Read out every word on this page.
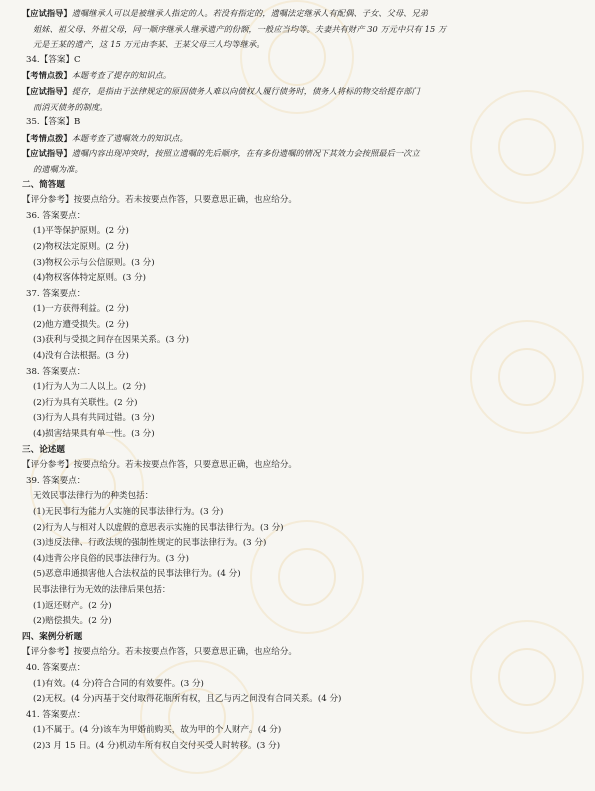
【应试指导】遗嘱继承人可以是被继承人指定的人。若没有指定的，遗嘱法定继承人有配偶、子女、父母、兄弟
姐妹、祖父母、外祖父母，同一顺序继承人继承遗产的份额，一般应当均等。夫妻共有财产 30 万元中只有 15 万
元是王某的遗产，这 15 万元由李某、王某父母三人均等继承。
34.【答案】C
【考情点拨】本题考查了提存的知识点。
【应试指导】提存，是指由于法律规定的原因债务人难以向债权人履行债务时，债务人将标的物交给提存部门
而消灭债务的制度。
35.【答案】B
【考情点拨】本题考查了遗嘱效力的知识点。
【应试指导】遗嘱内容出现冲突时，按照立遗嘱的先后顺序，在有多份遗嘱的情况下其效力会按照最后一次立
的遗嘱为准。
二、简答题
【评分参考】按要点给分。若未按要点作答，只要意思正确，也应给分。
36. 答案要点：
(1)平等保护原则。(2 分)
(2)物权法定原则。(2 分)
(3)物权公示与公信原则。(3 分)
(4)物权客体特定原则。(3 分)
37. 答案要点：
(1)一方获得利益。(2 分)
(2)他方遭受损失。(2 分)
(3)获利与受损之间存在因果关系。(3 分)
(4)没有合法根据。(3 分)
38. 答案要点：
(1)行为人为二人以上。(2 分)
(2)行为具有关联性。(2 分)
(3)行为人具有共同过错。(3 分)
(4)损害结果具有单一性。(3 分)
三、论述题
【评分参考】按要点给分。若未按要点作答，只要意思正确，也应给分。
39. 答案要点：
无效民事法律行为的种类包括：
(1)无民事行为能力人实施的民事法律行为。(3 分)
(2)行为人与相对人以虚假的意思表示实施的民事法律行为。(3 分)
(3)违反法律、行政法规的强制性规定的民事法律行为。(3 分)
(4)违背公序良俗的民事法律行为。(3 分)
(5)恶意串通损害他人合法权益的民事法律行为。(4 分)
民事法律行为无效的法律后果包括：
(1)返还财产。(2 分)
(2)赔偿损失。(2 分)
四、案例分析题
【评分参考】按要点给分。若未按要点作答，只要意思正确，也应给分。
40. 答案要点：
(1)有效。(4 分)符合合同的有效要件。(3 分)
(2)无权。(4 分)丙基于交付取得花瓶所有权，且乙与丙之间没有合同关系。(4 分)
41. 答案要点：
(1)不属于。(4 分)该车为甲婚前购买，故为甲的个人财产。(4 分)
(2)3 月 15 日。(4 分)机动车所有权自交付买受人时转移。(3 分)
